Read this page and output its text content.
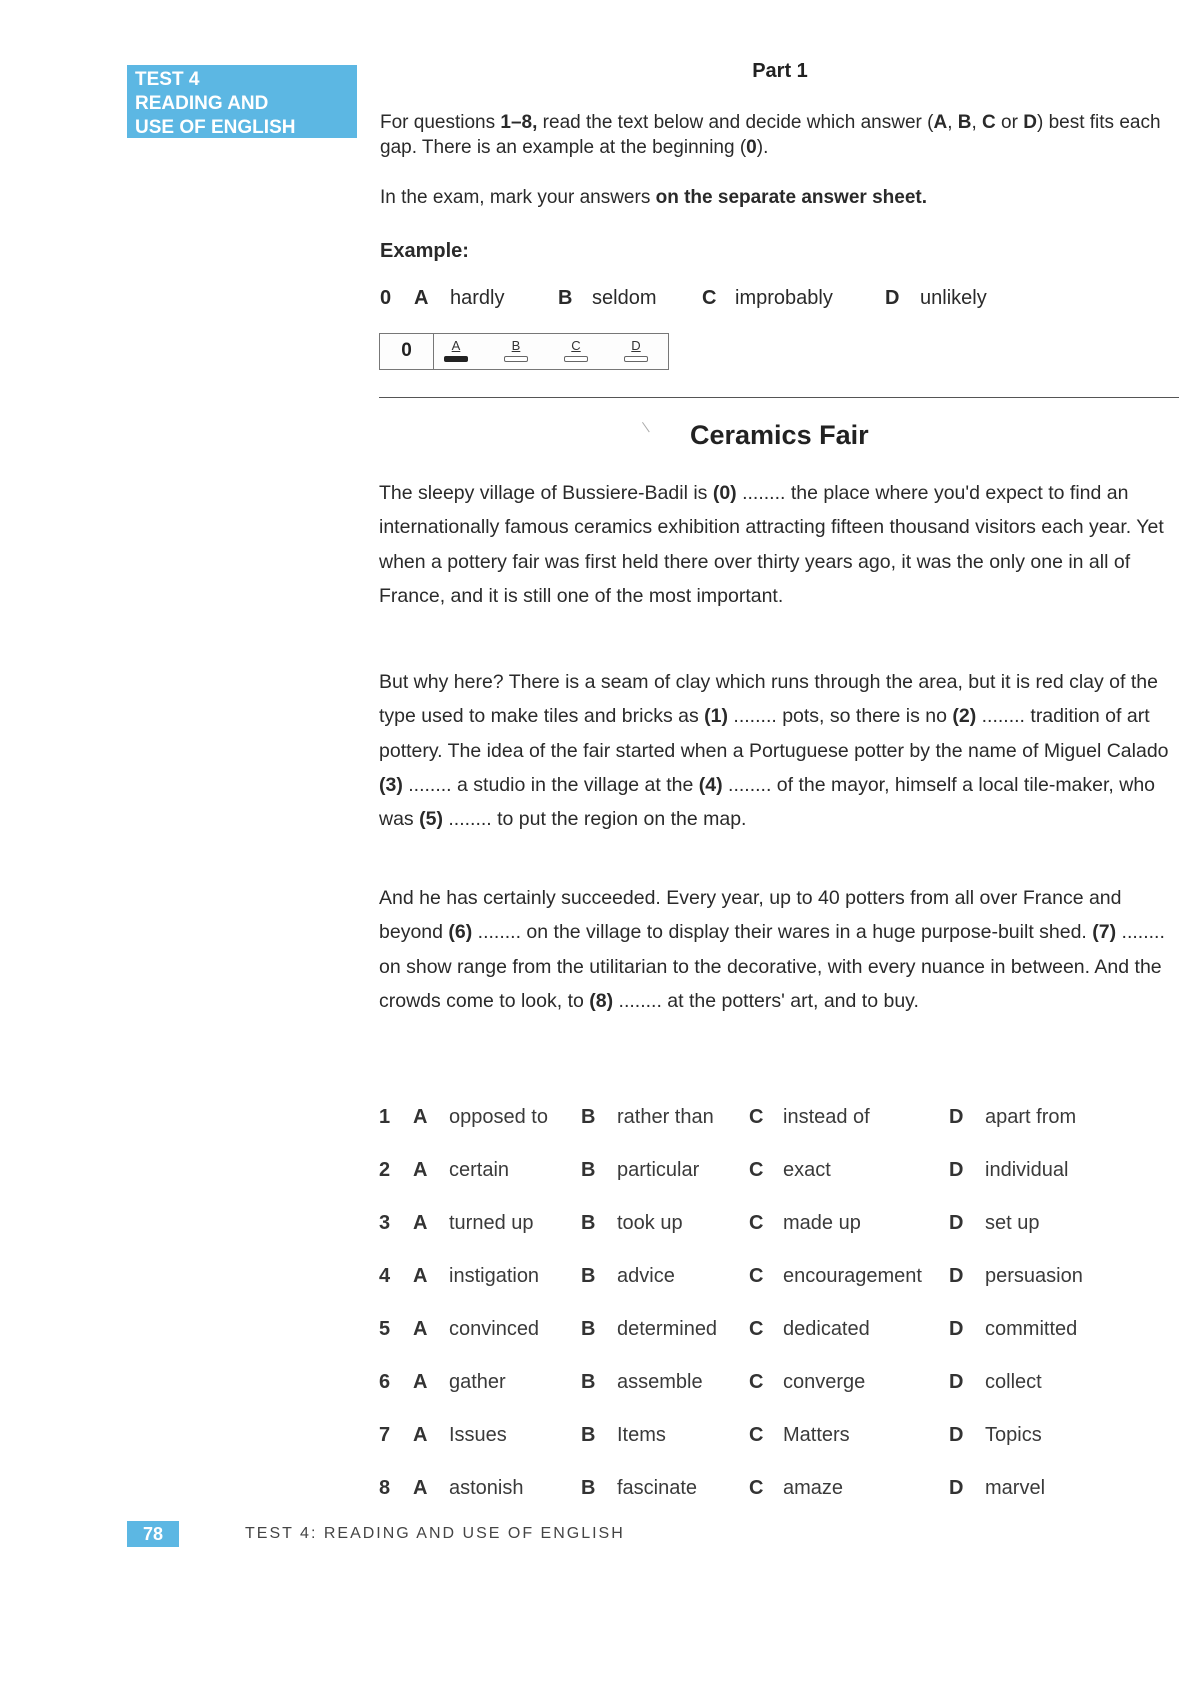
TEST 4
READING AND
USE OF ENGLISH
Part 1
For questions 1–8, read the text below and decide which answer (A, B, C or D) best fits each gap. There is an example at the beginning (0).
In the exam, mark your answers on the separate answer sheet.
Example:
0 A hardly	B seldom C improbably	D unlikely
0	A	B	C	D
Ceramics Fair
The sleepy village of Bussiere-Badil is (0) ........ the place where you'd expect to find an internationally famous ceramics exhibition attracting fifteen thousand visitors each year. Yet when a pottery fair was first held there over thirty years ago, it was the only one in all of France, and it is still one of the most important.
But why here? There is a seam of clay which runs through the area, but it is red clay of the type used to make tiles and bricks as (1) ........ pots, so there is no (2) ........ tradition of art pottery. The idea of the fair started when a Portuguese potter by the name of Miguel Calado (3) ........ a studio in the village at the (4) ........ of the mayor, himself a local tile-maker, who was (5) ........ to put the region on the map.
And he has certainly succeeded. Every year, up to 40 potters from all over France and beyond (6) ........ on the village to display their wares in a huge purpose-built shed. (7) ........ on show range from the utilitarian to the decorative, with every nuance in between. And the crowds come to look, to (8) ........ at the potters' art, and to buy.
1 A opposed to B rather than C instead of	D apart from
2 A certain	B particular C exact	D individual
3 A turned up B took up	C made up	D set up
4 A instigation B advice	C encouragement D persuasion
5 A convinced B determined C dedicated	D committed
6 A gather	B assemble C converge	D collect
7 A Issues	B Items	C Matters	D Topics
8 A astonish	B fascinate	C amaze	D marvel
78	TEST 4: READING AND USE OF ENGLISH
